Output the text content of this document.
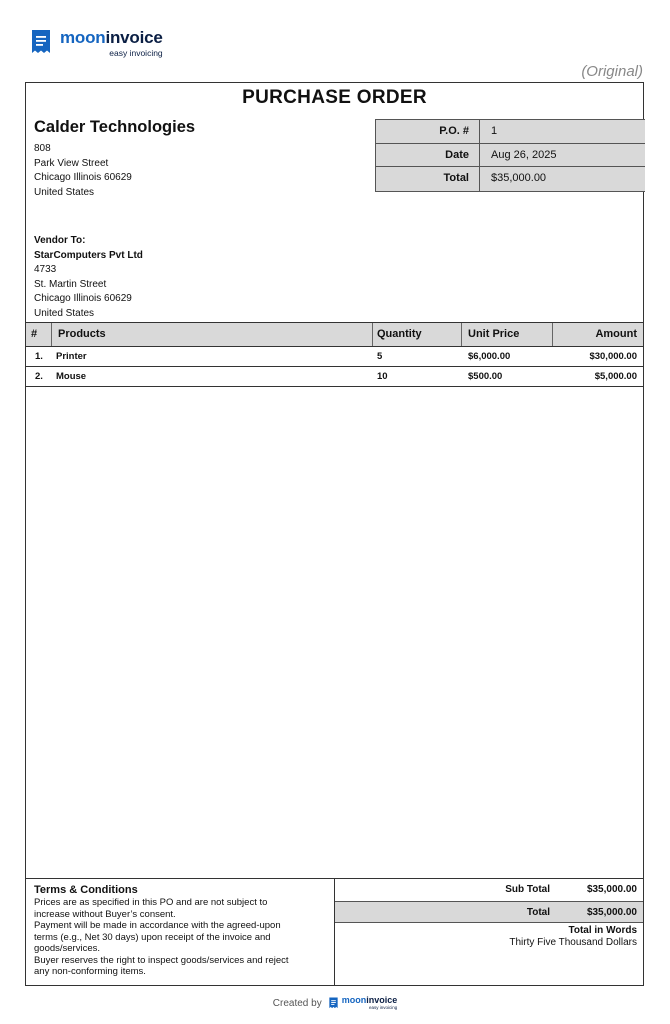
mooninvoice
easy invoicing
(Original)
PURCHASE ORDER
Calder Technologies
808
Park View Street
Chicago Illinois 60629
United States
P.O. #	1
Date	Aug 26, 2025
Total	$35,000.00
Vendor To:
StarComputers Pvt Ltd
4733
St. Martin Street
Chicago Illinois 60629
United States
#	Products	Quantity	Unit Price	Amount
1.	Printer	5	$6,000.00	$30,000.00
2.	Mouse	10	$500.00	$5,000.00
Terms & Conditions
Prices are as specified in this PO and are not subject to
increase without Buyer’s consent.
Payment will be made in accordance with the agreed-upon
terms (e.g., Net 30 days) upon receipt of the invoice and
goods/services.
Buyer reserves the right to inspect goods/services and reject
any non-conforming items.
Sub Total	$35,000.00
Total	$35,000.00
Total in Words
Thirty Five Thousand Dollars
Created by mooninvoice
easy invoicing
